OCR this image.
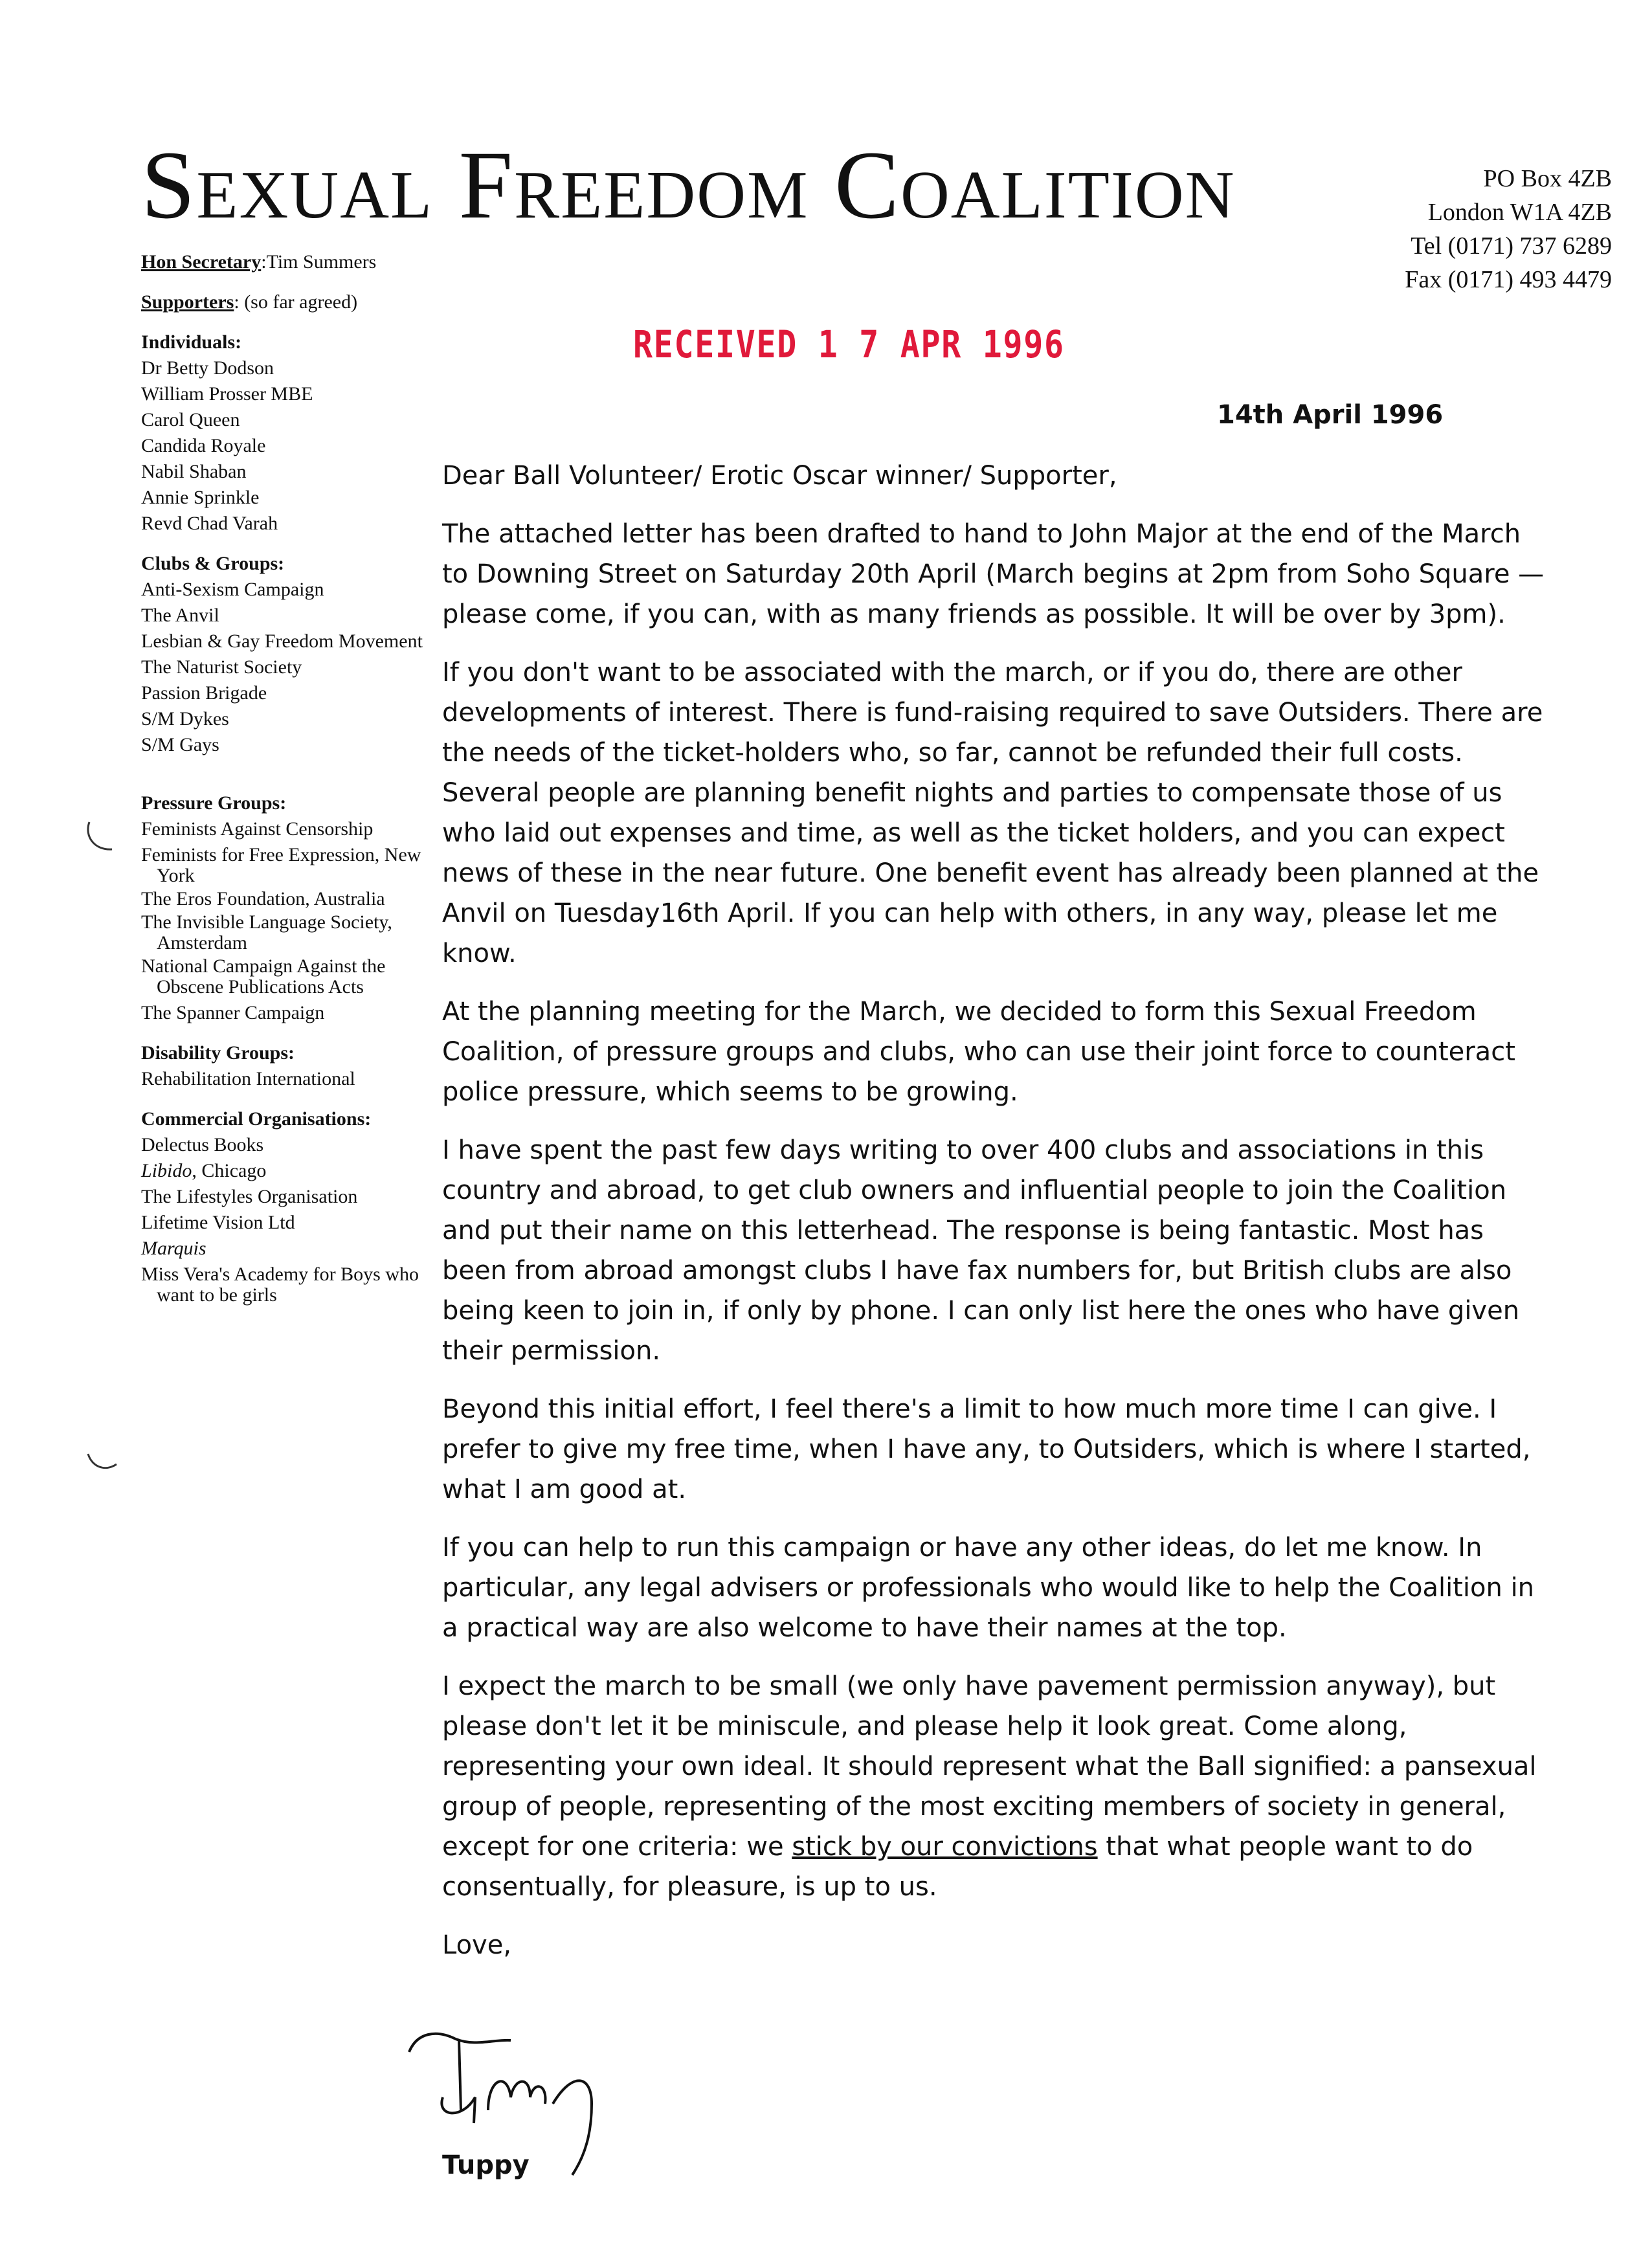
Sexual Freedom Coalition	PO Box 4ZB
London W1A 4ZB
Tel (0171) 737 6289
Fax (0171) 493 4479
Hon Secretary:Tim Summers
Supporters: (so far agreed)
Individuals:
Dr Betty Dodson
William Prosser MBE
Carol Queen
Candida Royale
Nabil Shaban
Annie Sprinkle
Revd Chad Varah
Clubs & Groups:
Anti-Sexism Campaign
The Anvil
Lesbian & Gay Freedom Movement
The Naturist Society
Passion Brigade
S/M Dykes
S/M Gays
Pressure Groups:
Feminists Against Censorship
Feminists for Free Expression, New York
The Eros Foundation, Australia
The Invisible Language Society, Amsterdam
National Campaign Against the Obscene Publications Acts
The Spanner Campaign
Disability Groups:
Rehabilitation International
Commercial Organisations:
Delectus Books
Libido, Chicago
The Lifestyles Organisation
Lifetime Vision Ltd
Marquis
Miss Vera's Academy for Boys who want to be girls
RECEIVED 1 7 APR 1996
14th April 1996

Dear Ball Volunteer/ Erotic Oscar winner/ Supporter,

The attached letter has been drafted to hand to John Major at the end of the March to Downing Street on Saturday 20th April (March begins at 2pm from Soho Square — please come, if you can, with as many friends as possible. It will be over by 3pm).

If you don't want to be associated with the march, or if you do, there are other developments of interest. There is fund-raising required to save Outsiders. There are the needs of the ticket-holders who, so far, cannot be refunded their full costs. Several people are planning benefit nights and parties to compensate those of us who laid out expenses and time, as well as the ticket holders, and you can expect news of these in the near future. One benefit event has already been planned at the Anvil on Tuesday16th April. If you can help with others, in any way, please let me know.

At the planning meeting for the March, we decided to form this Sexual Freedom Coalition, of pressure groups and clubs, who can use their joint force to counteract police pressure, which seems to be growing.

I have spent the past few days writing to over 400 clubs and associations in this country and abroad, to get club owners and influential people to join the Coalition and put their name on this letterhead. The response is being fantastic. Most has been from abroad amongst clubs I have fax numbers for, but British clubs are also being keen to join in, if only by phone. I can only list here the ones who have given their permission.

Beyond this initial effort, I feel there's a limit to how much more time I can give. I prefer to give my free time, when I have any, to Outsiders, which is where I started, what I am good at.

If you can help to run this campaign or have any other ideas, do let me know. In particular, any legal advisers or professionals who would like to help the Coalition in a practical way are also welcome to have their names at the top.

I expect the march to be small (we only have pavement permission anyway), but please don't let it be miniscule, and please help it look great. Come along, representing your own ideal. It should represent what the Ball signified: a pansexual group of people, representing of the most exciting members of society in general, except for one criteria: we stick by our convictions that what people want to do consentually, for pleasure, is up to us.

Love,

Tuppy
